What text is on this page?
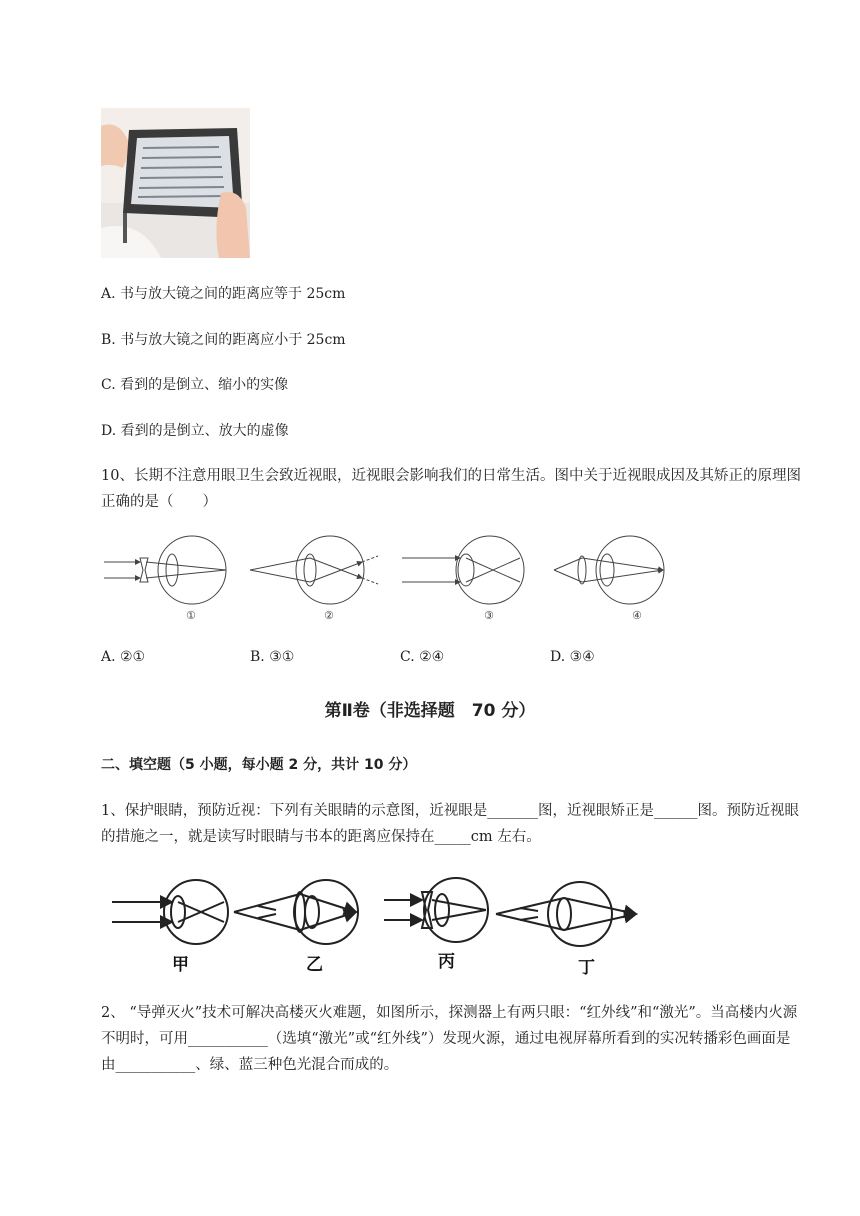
A. 书与放大镜之间的距离应等于 25cm
B. 书与放大镜之间的距离应小于 25cm
C. 看到的是倒立、缩小的实像
D. 看到的是倒立、放大的虚像
10、长期不注意用眼卫生会致近视眼，近视眼会影响我们的日常生活。图中关于近视眼成因及其矫正的原理图正确的是（　　）
①	②	③	④
A. ②①	B. ③①	C. ②④	D. ③④
第Ⅱ卷（非选择题　70 分）
二、填空题（5 小题，每小题 2 分，共计 10 分）
1、保护眼睛，预防近视：下列有关眼睛的示意图，近视眼是_______图，近视眼矫正是______图。预防近视眼的措施之一，就是读写时眼睛与书本的距离应保持在_____cm 左右。
甲	乙	丙	丁
2、 “导弹灭火”技术可解决高楼灭火难题，如图所示，探测器上有两只眼：“红外线”和“激光”。当高楼内火源不明时，可用___________（选填“激光”或“红外线”）发现火源，通过电视屏幕所看到的实况转播彩色画面是由___________、绿、蓝三种色光混合而成的。
